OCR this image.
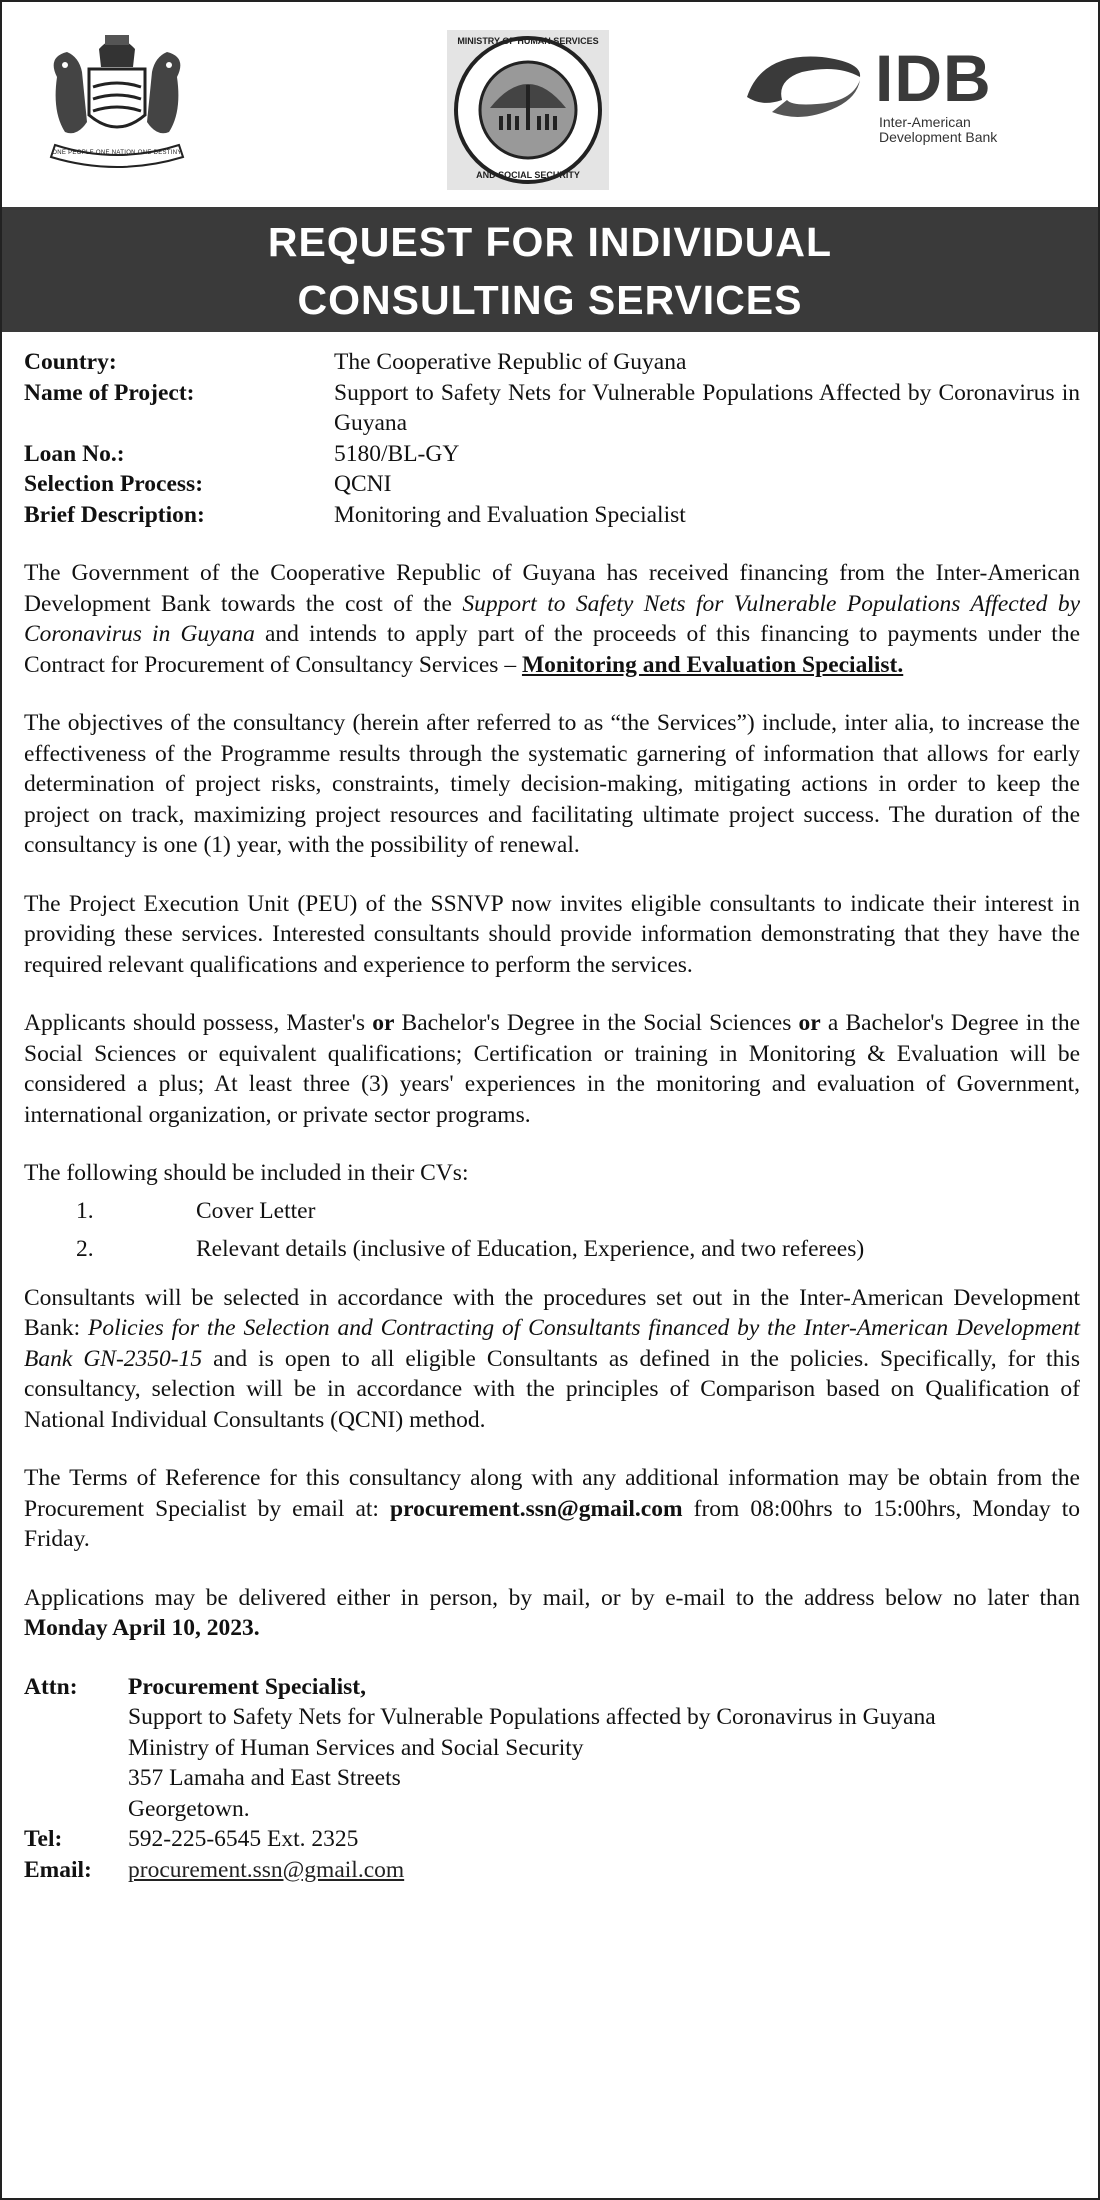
ONE PEOPLE ONE NATION ONE DESTINY
MINISTRY OF HUMAN SERVICES
AND SOCIAL SECURITY
IDB
Inter-American
Development Bank
REQUEST FOR INDIVIDUAL
CONSULTING SERVICES
Country:	The Cooperative Republic of Guyana
Name of Project:	Support to Safety Nets for Vulnerable Populations Affected by Coronavirus in Guyana
Loan No.:	5180/BL-GY
Selection Process:	QCNI
Brief Description:	Monitoring and Evaluation Specialist

The Government of the Cooperative Republic of Guyana has received financing from the Inter-American Development Bank towards the cost of the Support to Safety Nets for Vulnerable Populations Affected by Coronavirus in Guyana and intends to apply part of the proceeds of this financing to payments under the Contract for Procurement of Consultancy Services – Monitoring and Evaluation Specialist.

The objectives of the consultancy (herein after referred to as “the Services”) include, inter alia, to increase the effectiveness of the Programme results through the systematic garnering of information that allows for early determination of project risks, constraints, timely decision-making, mitigating actions in order to keep the project on track, maximizing project resources and facilitating ultimate project success. The duration of the consultancy is one (1) year, with the possibility of renewal.

The Project Execution Unit (PEU) of the SSNVP now invites eligible consultants to indicate their interest in providing these services. Interested consultants should provide information demonstrating that they have the required relevant qualifications and experience to perform the services.

Applicants should possess, Master's or Bachelor's Degree in the Social Sciences or a Bachelor's Degree in the Social Sciences or equivalent qualifications; Certification or training in Monitoring & Evaluation will be considered a plus; At least three (3) years' experiences in the monitoring and evaluation of Government, international organization, or private sector programs.

The following should be included in their CVs:

1.	Cover Letter
2.	Relevant details (inclusive of Education, Experience, and two referees)

Consultants will be selected in accordance with the procedures set out in the Inter-American Development Bank: Policies for the Selection and Contracting of Consultants financed by the Inter-American Development Bank GN-2350-15 and is open to all eligible Consultants as defined in the policies. Specifically, for this consultancy, selection will be in accordance with the principles of Comparison based on Qualification of National Individual Consultants (QCNI) method.

The Terms of Reference for this consultancy along with any additional information may be obtain from the Procurement Specialist by email at: procurement.ssn@gmail.com from 08:00hrs to 15:00hrs, Monday to Friday.

Applications may be delivered either in person, by mail, or by e-mail to the address below no later than Monday April 10, 2023.

Attn:	Procurement Specialist,
Support to Safety Nets for Vulnerable Populations affected by Coronavirus in Guyana
Ministry of Human Services and Social Security
357 Lamaha and East Streets
Georgetown.
Tel:	592-225-6545 Ext. 2325
Email:	procurement.ssn@gmail.com
